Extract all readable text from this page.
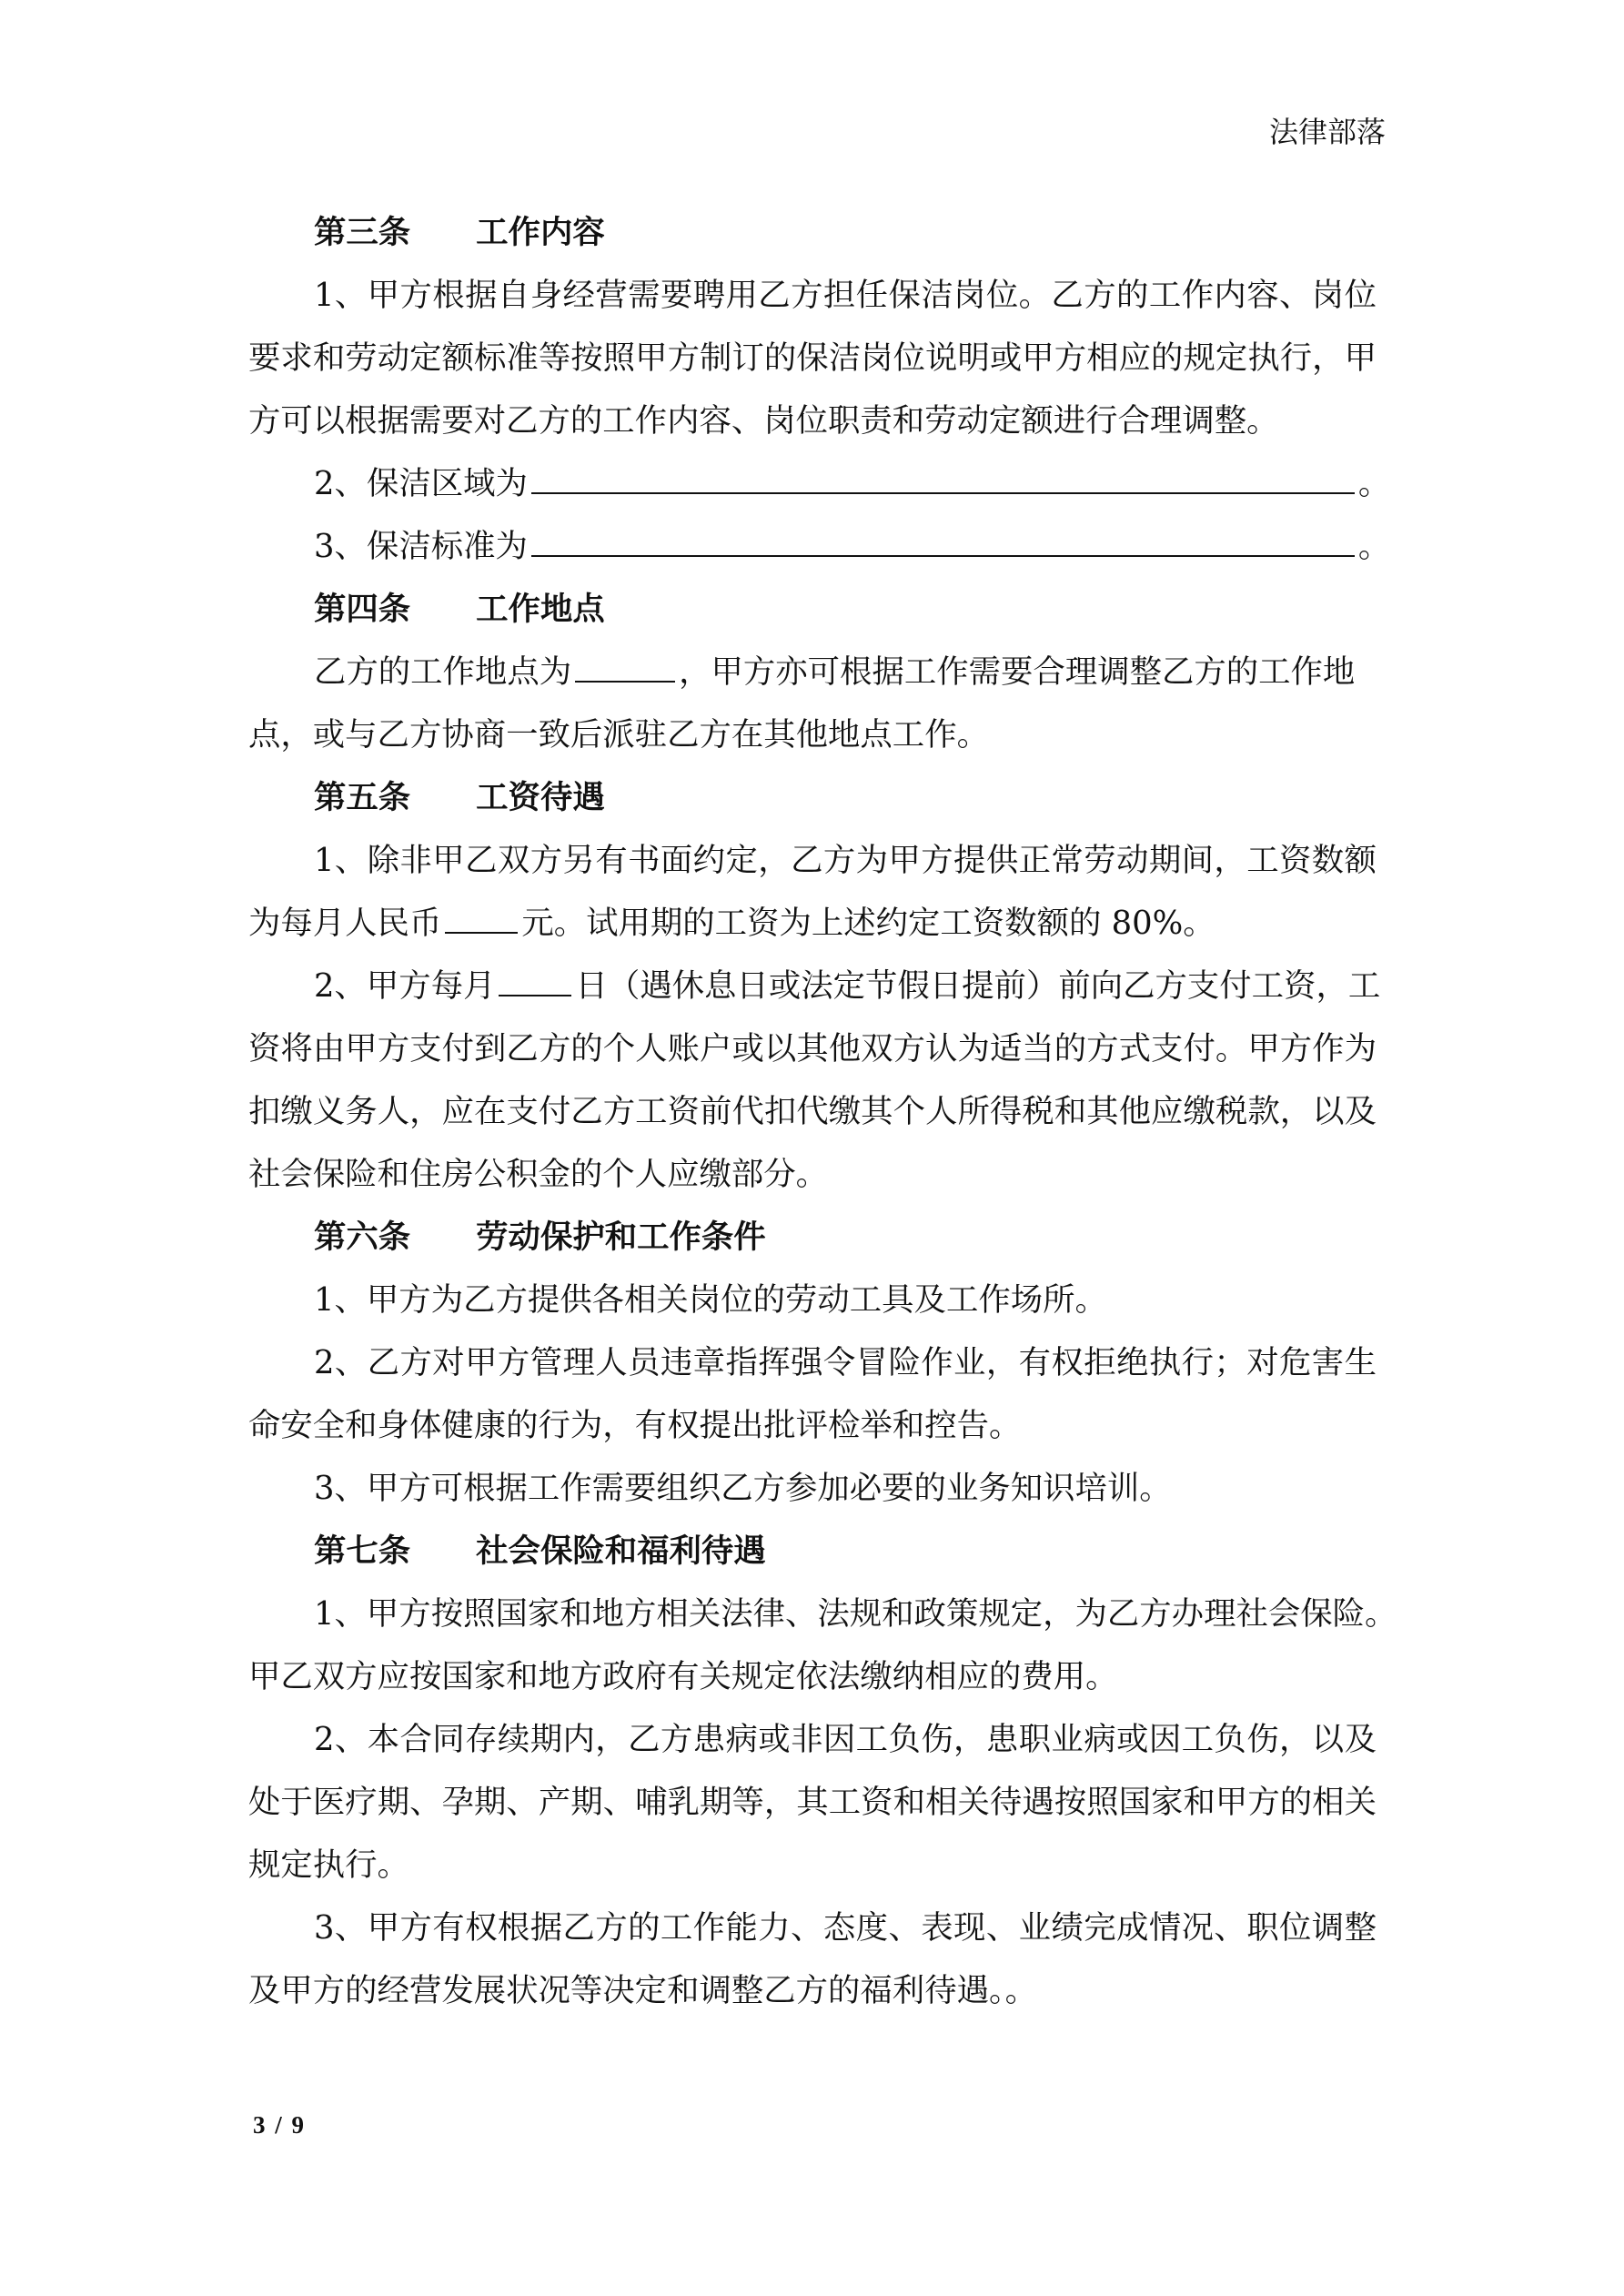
法律部落
第三条 工作内容
1、甲方根据自身经营需要聘用乙方担任保洁岗位。乙方的工作内容、岗位
要求和劳动定额标准等按照甲方制订的保洁岗位说明或甲方相应的规定执行，甲
方可以根据需要对乙方的工作内容、岗位职责和劳动定额进行合理调整。
2、保洁区域为	。
3、保洁标准为	。
第四条 工作地点
乙方的工作地点为	，甲方亦可根据工作需要合理调整乙方的工作地
点，或与乙方协商一致后派驻乙方在其他地点工作。
第五条 工资待遇
1、除非甲乙双方另有书面约定，乙方为甲方提供正常劳动期间，工资数额
为每月人民币 元。试用期的工资为上述约定工资数额的 80%。
2、甲方每月 日（遇休息日或法定节假日提前）前向乙方支付工资，工
资将由甲方支付到乙方的个人账户或以其他双方认为适当的方式支付。甲方作为
扣缴义务人，应在支付乙方工资前代扣代缴其个人所得税和其他应缴税款，以及
社会保险和住房公积金的个人应缴部分。
第六条 劳动保护和工作条件
1、甲方为乙方提供各相关岗位的劳动工具及工作场所。
2、乙方对甲方管理人员违章指挥强令冒险作业，有权拒绝执行；对危害生
命安全和身体健康的行为，有权提出批评检举和控告。
3、甲方可根据工作需要组织乙方参加必要的业务知识培训。
第七条 社会保险和福利待遇
1、甲方按照国家和地方相关法律、法规和政策规定，为乙方办理社会保险。
甲乙双方应按国家和地方政府有关规定依法缴纳相应的费用。
2、本合同存续期内，乙方患病或非因工负伤，患职业病或因工负伤，以及
处于医疗期、孕期、产期、哺乳期等，其工资和相关待遇按照国家和甲方的相关
规定执行。
3、甲方有权根据乙方的工作能力、态度、表现、业绩完成情况、职位调整
及甲方的经营发展状况等决定和调整乙方的福利待遇。。
3 / 9
